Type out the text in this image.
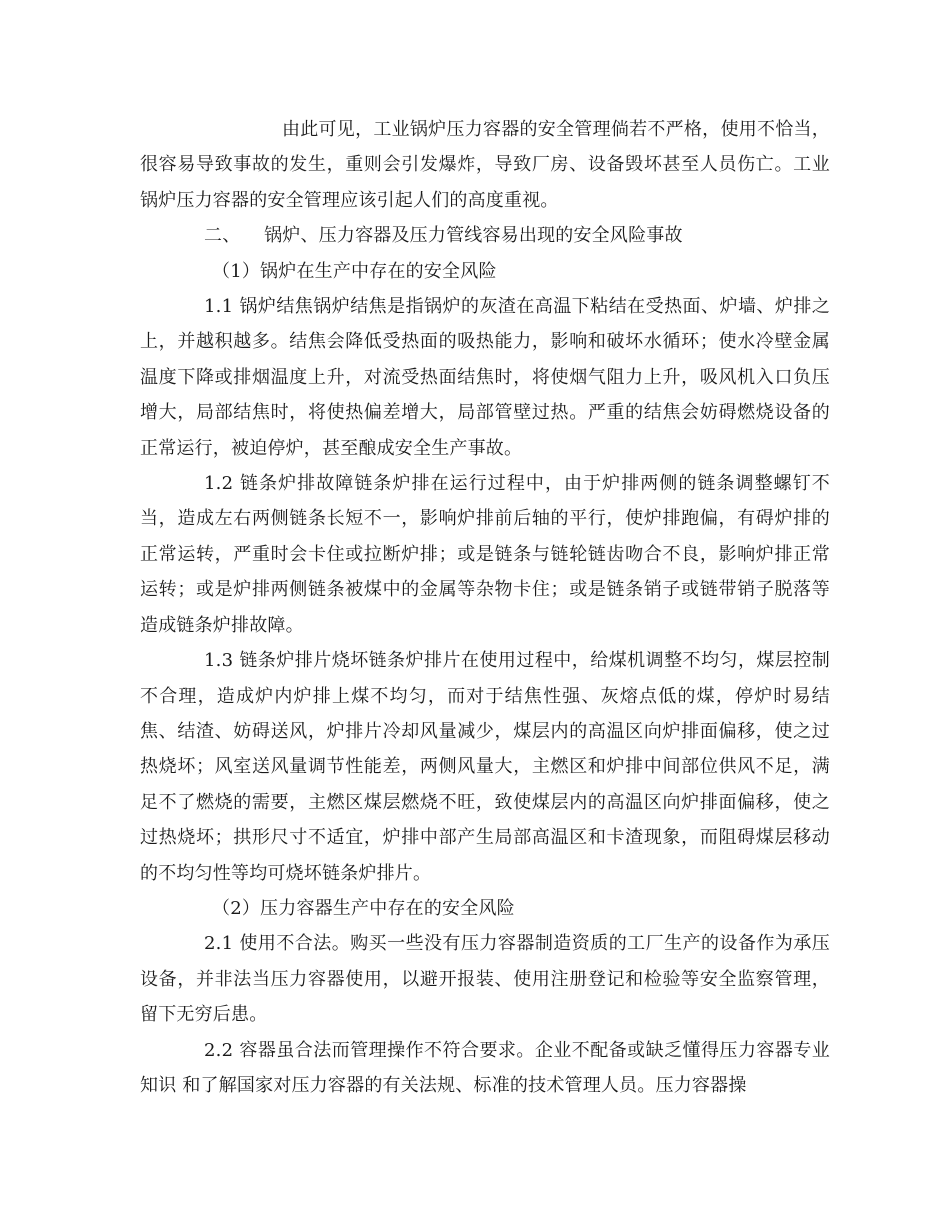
由此可见，工业锅炉压力容器的安全管理倘若不严格，使用不恰当，很容易导致事故的发生，重则会引发爆炸，导致厂房、设备毁坏甚至人员伤亡。工业锅炉压力容器的安全管理应该引起人们的高度重视。

二、    锅炉、压力容器及压力管线容易出现的安全风险事故

（1）锅炉在生产中存在的安全风险

1.1 锅炉结焦锅炉结焦是指锅炉的灰渣在高温下粘结在受热面、炉墙、炉排之上，并越积越多。结焦会降低受热面的吸热能力，影响和破坏水循环；使水冷壁金属温度下降或排烟温度上升，对流受热面结焦时，将使烟气阻力上升，吸风机入口负压增大，局部结焦时，将使热偏差增大，局部管壁过热。严重的结焦会妨碍燃烧设备的正常运行，被迫停炉，甚至酿成安全生产事故。

1.2 链条炉排故障链条炉排在运行过程中，由于炉排两侧的链条调整螺钉不当，造成左右两侧链条长短不一，影响炉排前后轴的平行，使炉排跑偏，有碍炉排的正常运转，严重时会卡住或拉断炉排；或是链条与链轮链齿吻合不良，影响炉排正常运转；或是炉排两侧链条被煤中的金属等杂物卡住；或是链条销子或链带销子脱落等造成链条炉排故障。

1.3 链条炉排片烧坏链条炉排片在使用过程中，给煤机调整不均匀，煤层控制不合理，造成炉内炉排上煤不均匀，而对于结焦性强、灰熔点低的煤，停炉时易结焦、结渣、妨碍送风，炉排片冷却风量减少，煤层内的高温区向炉排面偏移，使之过热烧坏；风室送风量调节性能差，两侧风量大，主燃区和炉排中间部位供风不足，满足不了燃烧的需要，主燃区煤层燃烧不旺，致使煤层内的高温区向炉排面偏移，使之过热烧坏；拱形尺寸不适宜，炉排中部产生局部高温区和卡渣现象，而阻碍煤层移动的不均匀性等均可烧坏链条炉排片。

（2）压力容器生产中存在的安全风险

2.1 使用不合法。购买一些没有压力容器制造资质的工厂生产的设备作为承压设备，并非法当压力容器使用，以避开报装、使用注册登记和检验等安全监察管理，留下无穷后患。

2.2 容器虽合法而管理操作不符合要求。企业不配备或缺乏懂得压力容器专业知识 和了解国家对压力容器的有关法规、标准的技术管理人员。压力容器操
